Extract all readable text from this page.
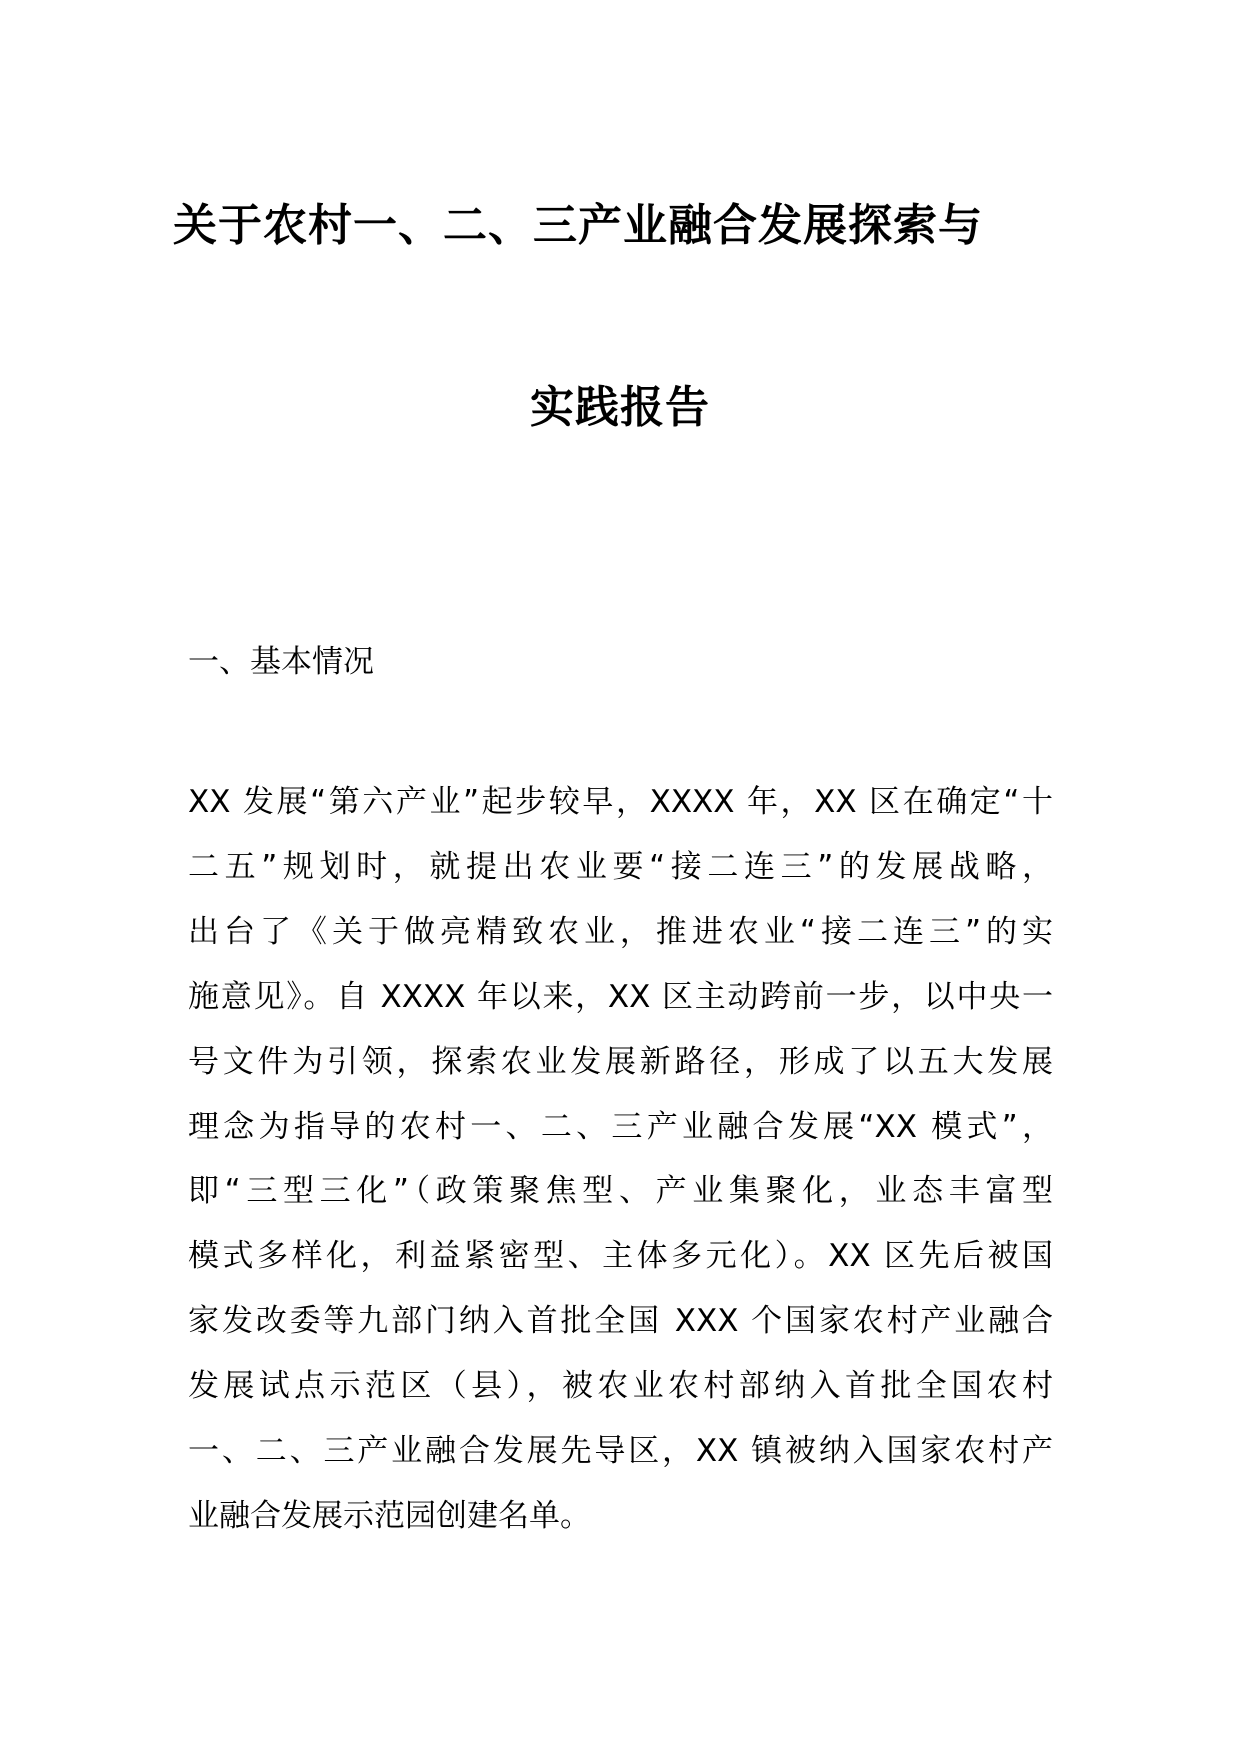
关于农村一、二、三产业融合发展探索与
实践报告
一、基本情况
XX 发展“第六产业”起步较早，XXXX 年，XX 区在确定“十
二五”规划时，就提出农业要“接二连三”的发展战略，
出台了《关于做亮精致农业，推进农业“接二连三”的实
施意见》。自 XXXX 年以来，XX 区主动跨前一步，以中央一
号文件为引领，探索农业发展新路径，形成了以五大发展
理念为指导的农村一、二、三产业融合发展“XX 模式”，
即“三型三化”（政策聚焦型、产业集聚化，业态丰富型
模式多样化，利益紧密型、主体多元化）。XX 区先后被国
家发改委等九部门纳入首批全国 XXX 个国家农村产业融合
发展试点示范区（县），被农业农村部纳入首批全国农村
一、二、三产业融合发展先导区，XX 镇被纳入国家农村产
业融合发展示范园创建名单。
